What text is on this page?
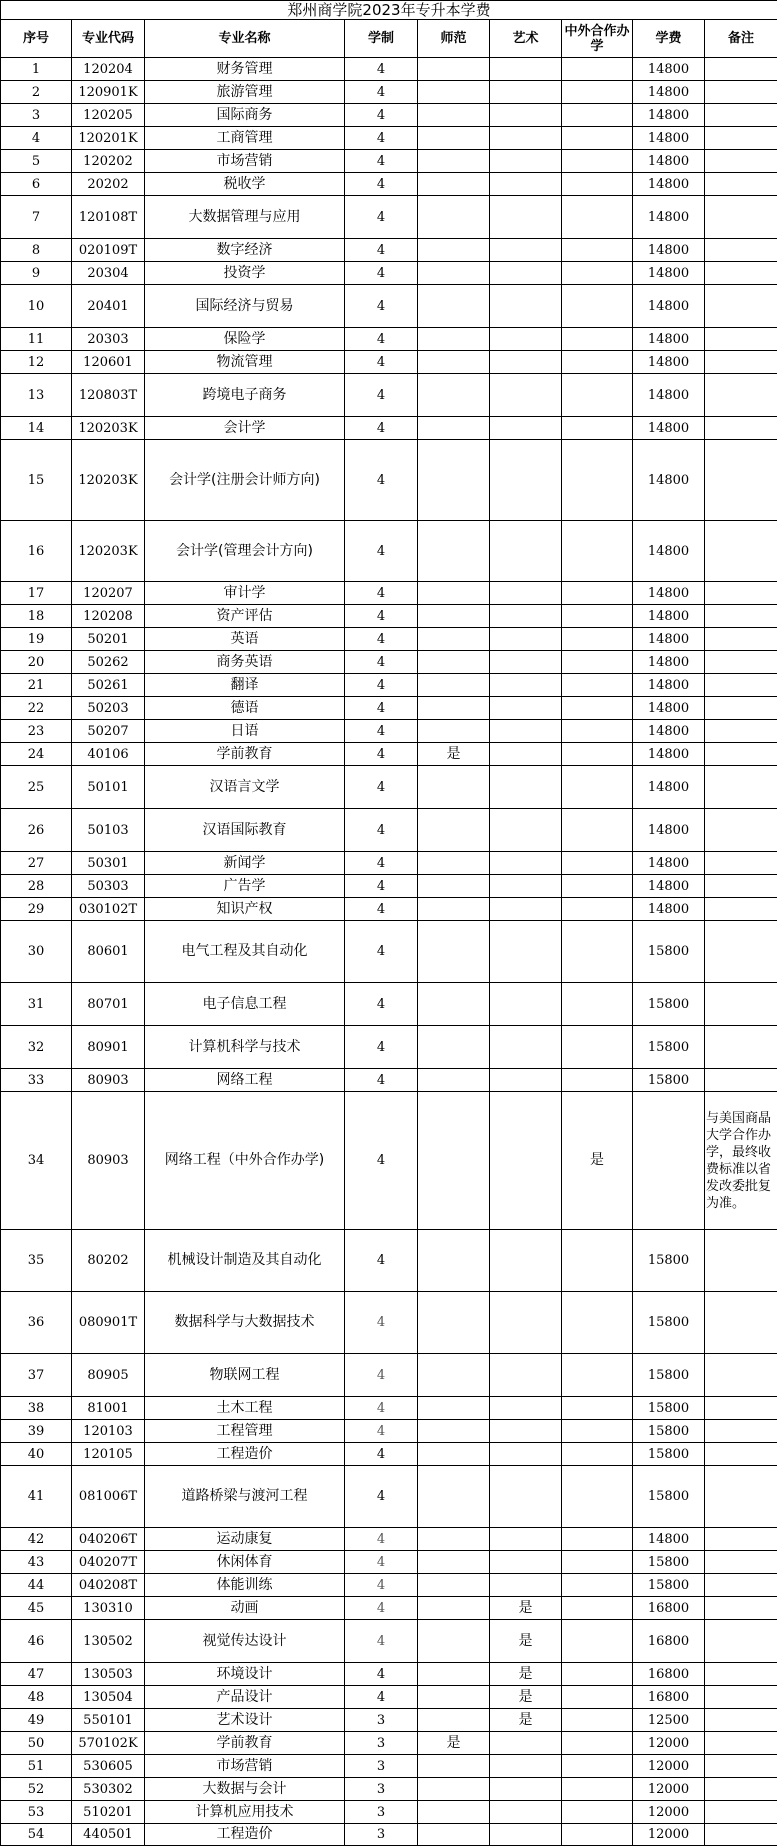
郑州商学院2023年专升本学费								
序号	专业代码	专业名称	学制	师范	艺术	中外合作办学	学费	备注
1	120204	财务管理	4				14800	
2	120901K	旅游管理	4				14800	
3	120205	国际商务	4				14800	
4	120201K	工商管理	4				14800	
5	120202	市场营销	4				14800	
6	20202	税收学	4				14800	
7	120108T	大数据管理与应用	4				14800	
8	020109T	数字经济	4				14800	
9	20304	投资学	4				14800	
10	20401	国际经济与贸易	4				14800	
11	20303	保险学	4				14800	
12	120601	物流管理	4				14800	
13	120803T	跨境电子商务	4				14800	
14	120203K	会计学	4				14800	
15	120203K	会计学(注册会计师方向)	4				14800	
16	120203K	会计学(管理会计方向)	4				14800	
17	120207	审计学	4				14800	
18	120208	资产评估	4				14800	
19	50201	英语	4				14800	
20	50262	商务英语	4				14800	
21	50261	翻译	4				14800	
22	50203	德语	4				14800	
23	50207	日语	4				14800	
24	40106	学前教育	4	是			14800	
25	50101	汉语言文学	4				14800	
26	50103	汉语国际教育	4				14800	
27	50301	新闻学	4				14800	
28	50303	广告学	4				14800	
29	030102T	知识产权	4				14800	
30	80601	电气工程及其自动化	4				15800	
31	80701	电子信息工程	4				15800	
32	80901	计算机科学与技术	4				15800	
33	80903	网络工程	4				15800	
34	80903	网络工程（中外合作办学)	4			是		与美国商晶大学合作办学，最终收费标准以省发改委批复为准。
35	80202	机械设计制造及其自动化	4				15800	
36	080901T	数据科学与大数据技术	4				15800	
37	80905	物联网工程	4				15800	
38	81001	土木工程	4				15800	
39	120103	工程管理	4				15800	
40	120105	工程造价	4				15800	
41	081006T	道路桥梁与渡河工程	4				15800	
42	040206T	运动康复	4				14800	
43	040207T	休闲体育	4				15800	
44	040208T	体能训练	4				15800	
45	130310	动画	4		是		16800	
46	130502	视觉传达设计	4		是		16800	
47	130503	环境设计	4		是		16800	
48	130504	产品设计	4		是		16800	
49	550101	艺术设计	3		是		12500	
50	570102K	学前教育	3	是			12000	
51	530605	市场营销	3				12000	
52	530302	大数据与会计	3				12000	
53	510201	计算机应用技术	3				12000	
54	440501	工程造价	3				12000	
